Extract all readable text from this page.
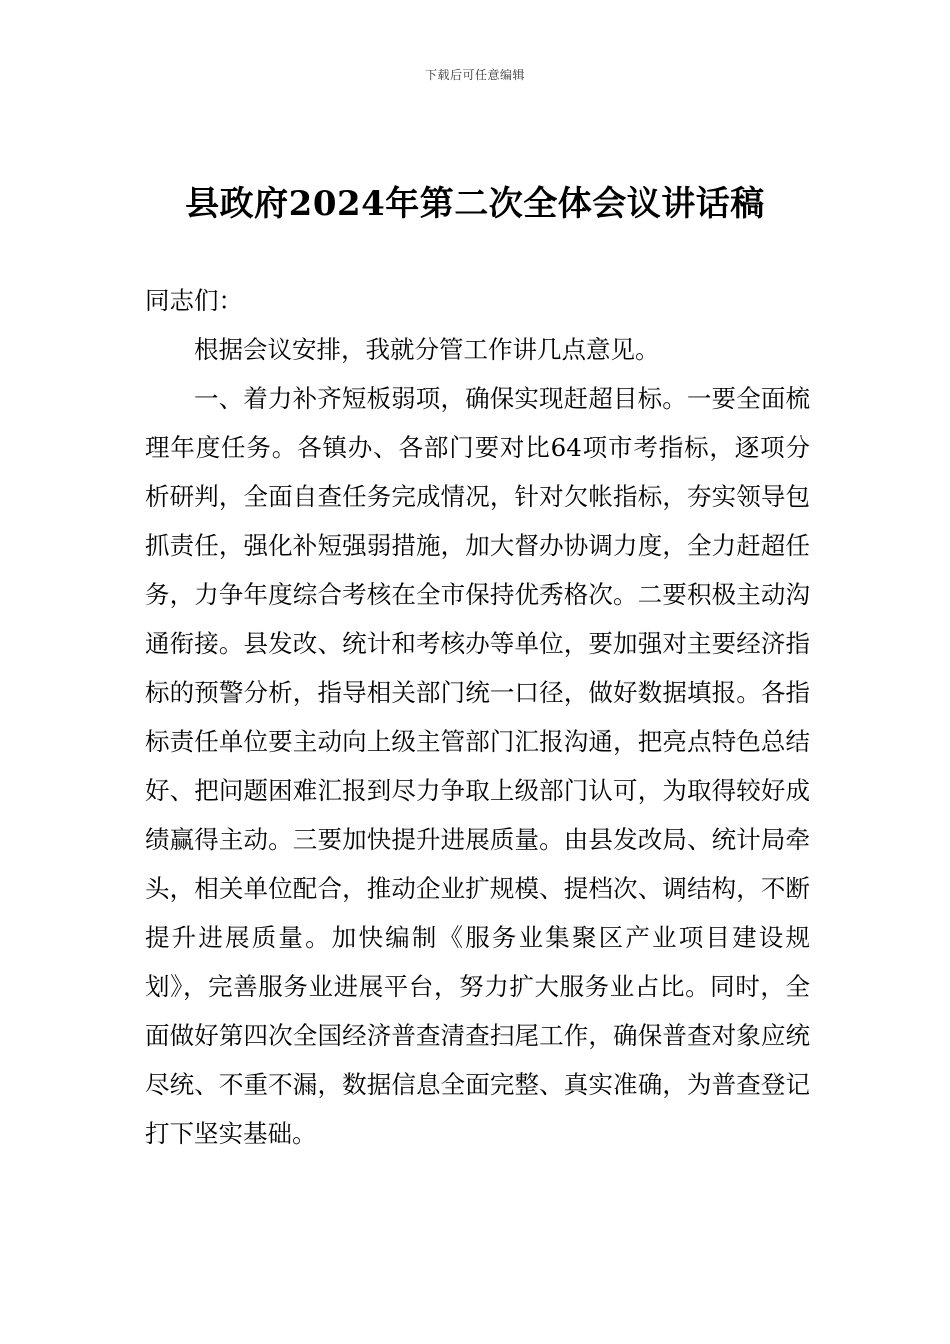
下载后可任意编辑
县政府2024年第二次全体会议讲话稿

同志们：

根据会议安排，我就分管工作讲几点意见。

一、着力补齐短板弱项，确保实现赶超目标。一要全面梳理年度任务。各镇办、各部门要对比64项市考指标，逐项分析研判，全面自查任务完成情况，针对欠帐指标，夯实领导包抓责任，强化补短强弱措施，加大督办协调力度，全力赶超任务，力争年度综合考核在全市保持优秀格次。二要积极主动沟通衔接。县发改、统计和考核办等单位，要加强对主要经济指标的预警分析，指导相关部门统一口径，做好数据填报。各指标责任单位要主动向上级主管部门汇报沟通，把亮点特色总结好、把问题困难汇报到尽力争取上级部门认可，为取得较好成绩赢得主动。三要加快提升进展质量。由县发改局、统计局牵头，相关单位配合，推动企业扩规模、提档次、调结构，不断提升进展质量。加快编制《服务业集聚区产业项目建设规划》，完善服务业进展平台，努力扩大服务业占比。同时，全面做好第四次全国经济普查清查扫尾工作，确保普查对象应统尽统、不重不漏，数据信息全面完整、真实准确，为普查登记打下坚实基础。
